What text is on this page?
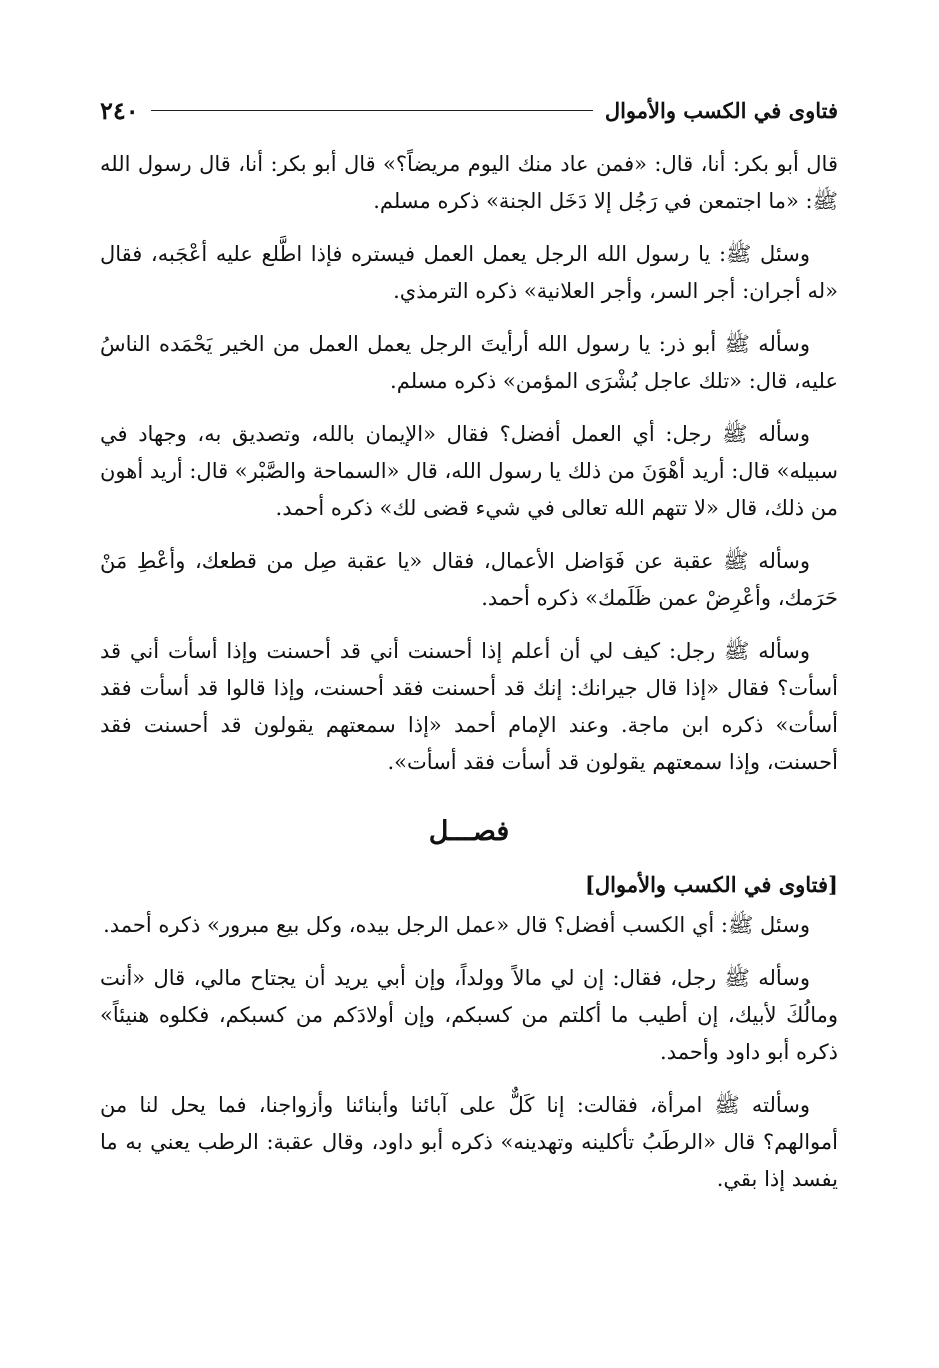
٢٤٠	فتاوى في الكسب والأموال

قال أبو بكر: أنا، قال: «فمن عاد منك اليوم مريضاً؟» قال أبو بكر: أنا، قال رسول الله ﷺ: «ما اجتمعن في رَجُل إلا دَخَل الجنة» ذكره مسلم.

وسئل ﷺ: يا رسول الله الرجل يعمل العمل فيستره فإذا اطَّلع عليه أعْجَبه، فقال «له أجران: أجر السر، وأجر العلانية» ذكره الترمذي.

وسأله ﷺ أبو ذر: يا رسول الله أرأيتَ الرجل يعمل العمل من الخير يَحْمَده الناسُ عليه، قال: «تلك عاجل بُشْرَى المؤمن» ذكره مسلم.

وسأله ﷺ رجل: أي العمل أفضل؟ فقال «الإيمان بالله، وتصديق به، وجهاد في سبيله» قال: أريد أهْوَنَ من ذلك يا رسول الله، قال «السماحة والصَّبْر» قال: أريد أهون من ذلك، قال «لا تتهم الله تعالى في شيء قضى لك» ذكره أحمد.

وسأله ﷺ عقبة عن فَوَاضل الأعمال، فقال «يا عقبة صِل من قطعك، وأعْطِ مَنْ حَرَمك، وأعْرِضْ عمن ظَلَمك» ذكره أحمد.

وسأله ﷺ رجل: كيف لي أن أعلم إذا أحسنت أني قد أحسنت وإذا أسأت أني قد أسأت؟ فقال «إذا قال جيرانك: إنك قد أحسنت فقد أحسنت، وإذا قالوا قد أسأت فقد أسأت» ذكره ابن ماجة. وعند الإمام أحمد «إذا سمعتهم يقولون قد أحسنت فقد أحسنت، وإذا سمعتهم يقولون قد أسأت فقد أسأت».

فصـــل
[فتاوى في الكسب والأموال]

وسئل ﷺ: أي الكسب أفضل؟ قال «عمل الرجل بيده، وكل بيع مبرور» ذكره أحمد.

وسأله ﷺ رجل، فقال: إن لي مالاً وولداً، وإن أبي يريد أن يجتاح مالي، قال «أنت ومالُكَ لأبيك، إن أطيب ما أكلتم من كسبكم، وإن أولادَكم من كسبكم، فكلوه هنيئاً» ذكره أبو داود وأحمد.

وسألته ﷺ امرأة، فقالت: إنا كَلٌّ على آبائنا وأبنائنا وأزواجنا، فما يحل لنا من أموالهم؟ قال «الرطَبُ تأكلينه وتهدينه» ذكره أبو داود، وقال عقبة: الرطب يعني به ما يفسد إذا بقي.
